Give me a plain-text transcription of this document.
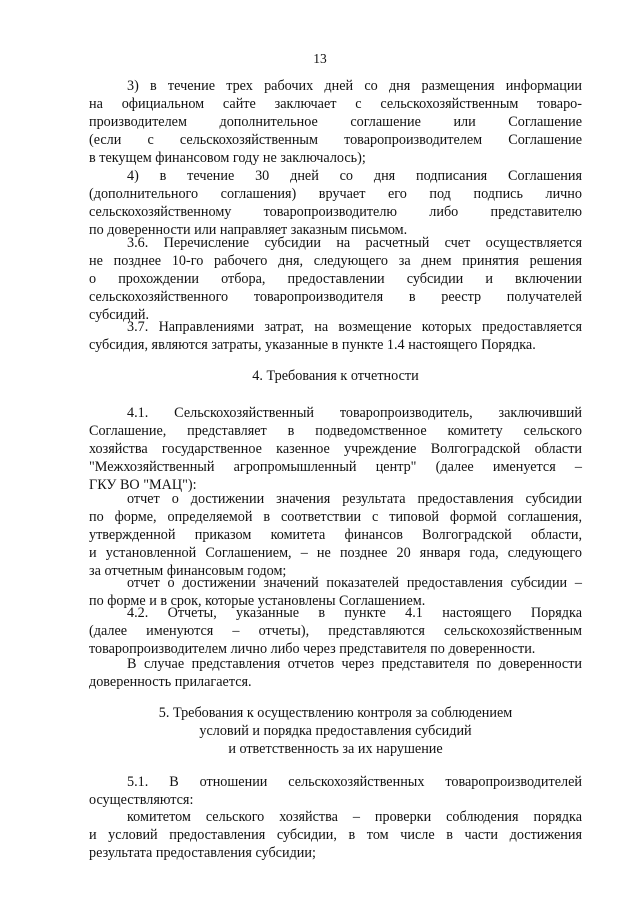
13
3) в течение трех рабочих дней со дня размещения информации
на официальном сайте заключает с сельскохозяйственным товаро-
производителем дополнительное соглашение или Соглашение
(если с сельскохозяйственным товаропроизводителем Соглашение
в текущем финансовом году не заключалось);
4) в течение 30 дней со дня подписания Соглашения
(дополнительного соглашения) вручает его под подпись лично
сельскохозяйственному товаропроизводителю либо представителю
по доверенности или направляет заказным письмом.
3.6. Перечисление субсидии на расчетный счет осуществляется
не позднее 10-го рабочего дня, следующего за днем принятия решения
о прохождении отбора, предоставлении субсидии и включении
сельскохозяйственного товаропроизводителя в реестр получателей
субсидий.
3.7. Направлениями затрат, на возмещение которых предоставляется
субсидия, являются затраты, указанные в пункте 1.4 настоящего Порядка.
4. Требования к отчетности
4.1. Сельскохозяйственный товаропроизводитель, заключивший
Соглашение, представляет в подведомственное комитету сельского
хозяйства государственное казенное учреждение Волгоградской области
"Межхозяйственный агропромышленный центр" (далее именуется –
ГКУ ВО "МАЦ"):
отчет о достижении значения результата предоставления субсидии
по форме, определяемой в соответствии с типовой формой соглашения,
утвержденной приказом комитета финансов Волгоградской области,
и установленной Соглашением, – не позднее 20 января года, следующего
за отчетным финансовым годом;
отчет о достижении значений показателей предоставления субсидии –
по форме и в срок, которые установлены Соглашением.
4.2. Отчеты, указанные в пункте 4.1 настоящего Порядка
(далее именуются – отчеты), представляются сельскохозяйственным
товаропроизводителем лично либо через представителя по доверенности.
В случае представления отчетов через представителя по доверенности
доверенность прилагается.
5. Требования к осуществлению контроля за соблюдением
условий и порядка предоставления субсидий
и ответственность за их нарушение
5.1. В отношении сельскохозяйственных товаропроизводителей
осуществляются:
комитетом сельского хозяйства – проверки соблюдения порядка
и условий предоставления субсидии, в том числе в части достижения
результата предоставления субсидии;
